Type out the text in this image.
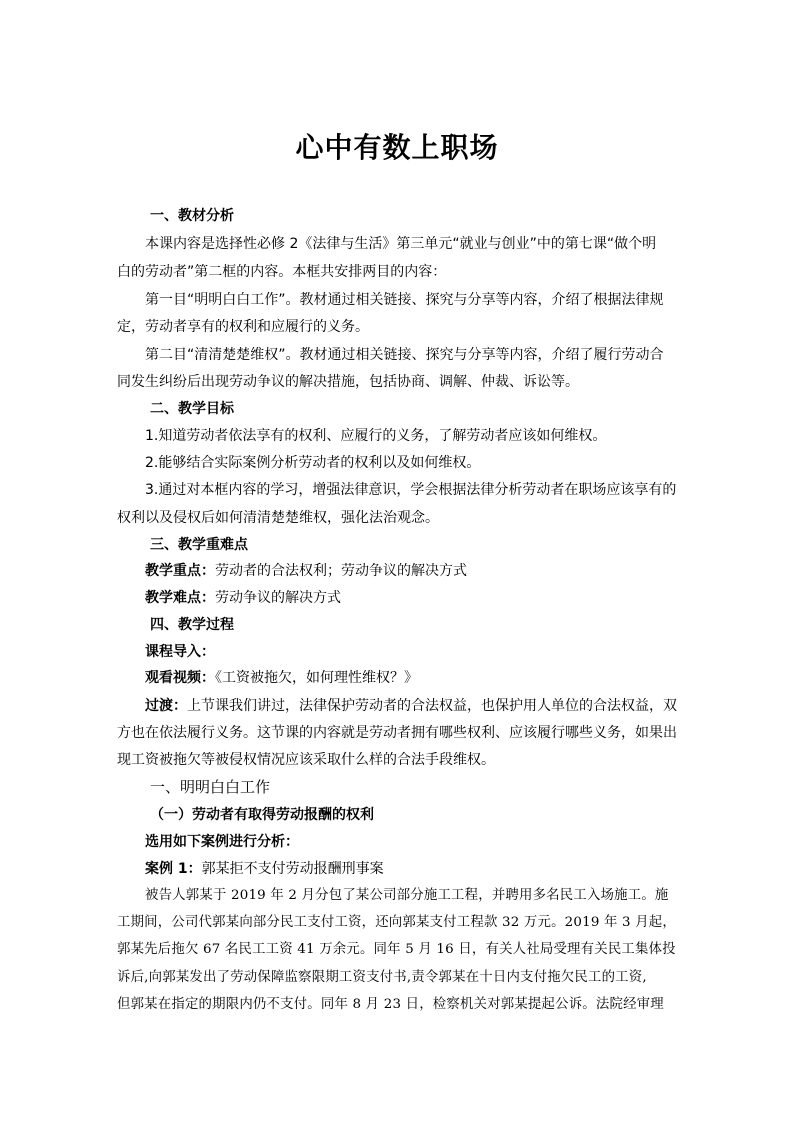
心中有数上职场

一、教材分析

本课内容是选择性必修 2《法律与生活》第三单元“就业与创业”中的第七课“做个明

白的劳动者”第二框的内容。本框共安排两目的内容：

第一目“明明白白工作”。教材通过相关链接、探究与分享等内容，介绍了根据法律规

定，劳动者享有的权利和应履行的义务。

第二目“清清楚楚维权”。教材通过相关链接、探究与分享等内容，介绍了履行劳动合

同发生纠纷后出现劳动争议的解决措施，包括协商、调解、仲裁、诉讼等。

二、教学目标

1.知道劳动者依法享有的权利、应履行的义务，了解劳动者应该如何维权。

2.能够结合实际案例分析劳动者的权利以及如何维权。

3.通过对本框内容的学习，增强法律意识，学会根据法律分析劳动者在职场应该享有的

权利以及侵权后如何清清楚楚维权，强化法治观念。

三、教学重难点

教学重点：劳动者的合法权利；劳动争议的解决方式

教学难点：劳动争议的解决方式

四、教学过程

课程导入：

观看视频：《工资被拖欠，如何理性维权？》

过渡：上节课我们讲过，法律保护劳动者的合法权益，也保护用人单位的合法权益，双

方也在依法履行义务。这节课的内容就是劳动者拥有哪些权利、应该履行哪些义务，如果出

现工资被拖欠等被侵权情况应该采取什么样的合法手段维权。

一、明明白白工作

（一）劳动者有取得劳动报酬的权利

选用如下案例进行分析：

案例 1：郭某拒不支付劳动报酬刑事案

被告人郭某于 2019 年 2 月分包了某公司部分施工工程，并聘用多名民工入场施工。施

工期间，公司代郭某向部分民工支付工资，还向郭某支付工程款 32 万元。2019 年 3 月起，

郭某先后拖欠 67 名民工工资 41 万余元。同年 5 月 16 日，有关人社局受理有关民工集体投

诉后,向郭某发出了劳动保障监察限期工资支付书,责令郭某在十日内支付拖欠民工的工资,

但郭某在指定的期限内仍不支付。同年 8 月 23 日，检察机关对郭某提起公诉。法院经审理
